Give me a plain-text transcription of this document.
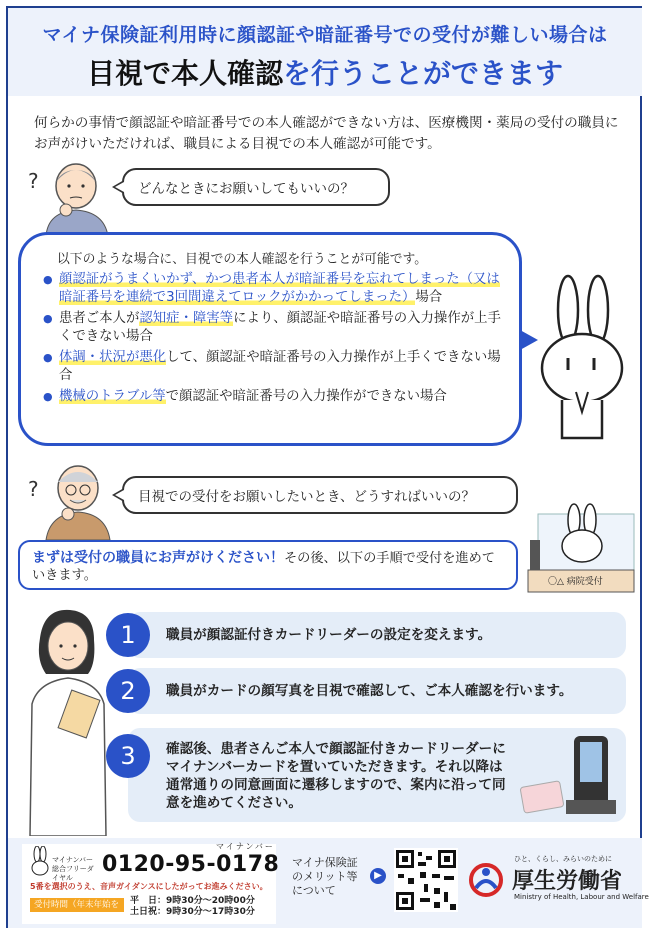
マイナ保険証利用時に顔認証や暗証番号での受付が難しい場合は
目視で本人確認を行うことができます
何らかの事情で顔認証や暗証番号での本人確認ができない方は、医療機関・薬局の受付の職員にお声がけいただければ、職員による目視での本人確認が可能です。
?	どんなときにお願いしてもいいの？
以下のような場合に、目視での本人確認を行うことが可能です。
● 顔認証がうまくいかず、かつ患者本人が暗証番号を忘れてしまった（又は暗証番号を連続で3回間違えてロックがかかってしまった）場合
● 患者ご本人が認知症・障害等により、顔認証や暗証番号の入力操作が上手くできない場合
● 体調・状況が悪化して、顔認証や暗証番号の入力操作が上手くできない場合
● 機械のトラブル等で顔認証や暗証番号の入力操作ができない場合
?	目視での受付をお願いしたいとき、どうすればいいの？
まずは受付の職員にお声がけください！その後、以下の手順で受付を進めていきます。	〇△ 病院受付
1	職員が顔認証付きカードリーダーの設定を変えます。
2	職員がカードの顔写真を目視で確認して、ご本人確認を行います。
3	確認後、患者さんご本人で顔認証付きカードリーダーにマイナンバーカードを置いていただきます。それ以降は通常通りの同意画面に遷移しますので、案内に沿って同意を進めてください。
マイナンバー総合フリーダイヤル
マイナンバー
0120-95-0178
5番を選択のうえ、音声ガイダンスにしたがってお進みください。
受付時間（年末年始を除く）
平　日：9時30分～20時00分
土日祝：9時30分～17時30分
マイナ保険証のメリット等について
▶
ひと、くらし、みらいのために
厚生労働省
Ministry of Health, Labour and Welfare
